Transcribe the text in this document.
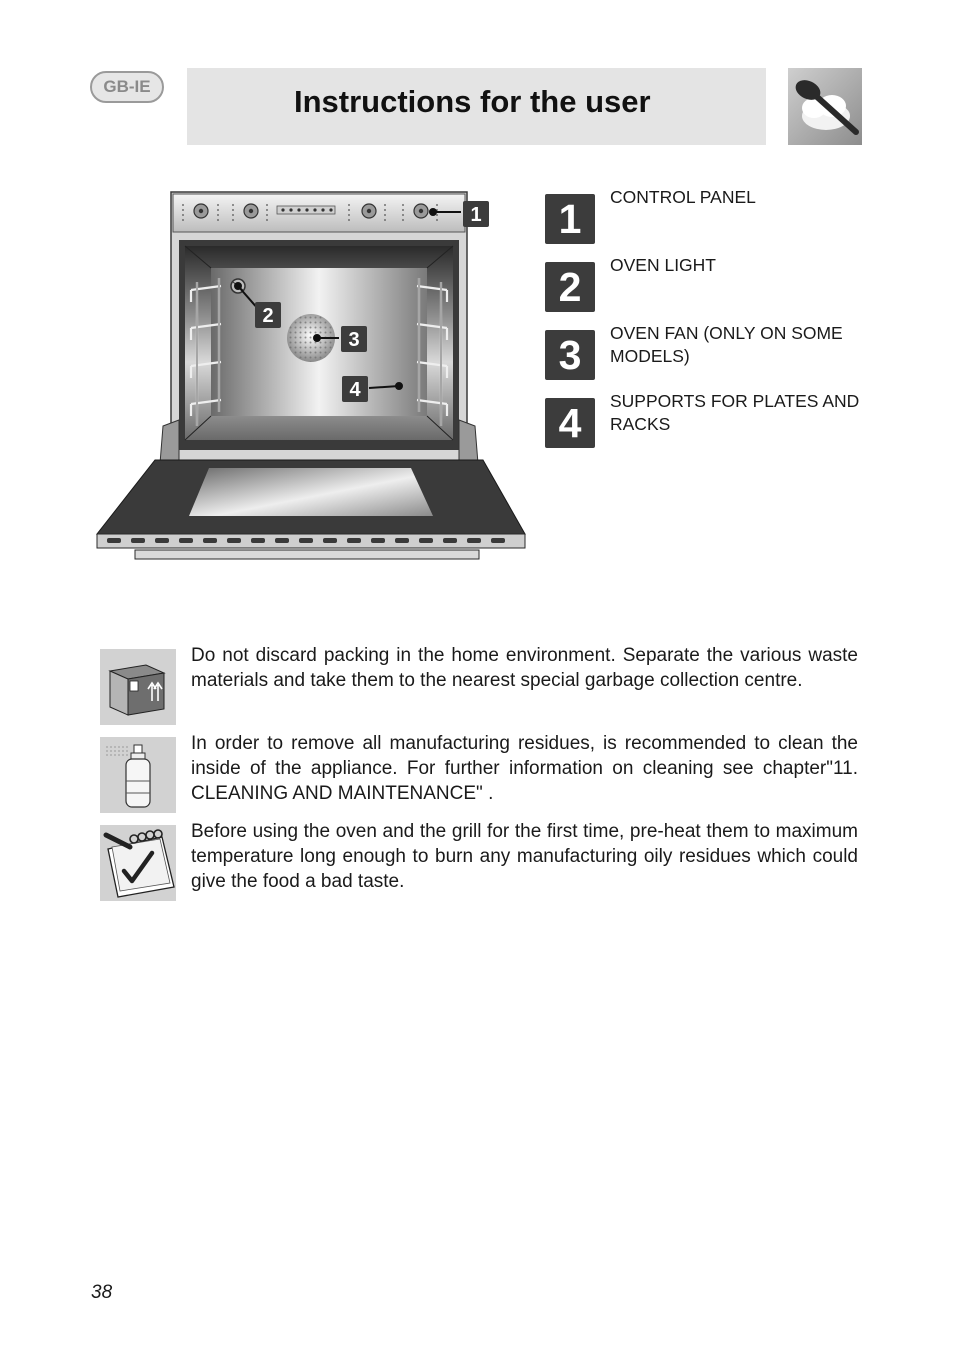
GB-IE	Instructions for the user
1
2
3
4
1	CONTROL PANEL
2	OVEN LIGHT
3	OVEN FAN (ONLY ON SOME MODELS)
4	SUPPORTS FOR PLATES AND RACKS

Do not discard packing in the home environment. Separate the various waste materials and take them to the nearest special garbage collection centre.

In order to remove all manufacturing residues, is recommended to clean the inside of the appliance. For further information on cleaning see chapter"11. CLEANING AND MAINTENANCE" .

Before using the oven and the grill for the first time, pre-heat them to maximum temperature long enough to burn any manufacturing oily residues which could give the food a bad taste.

38
